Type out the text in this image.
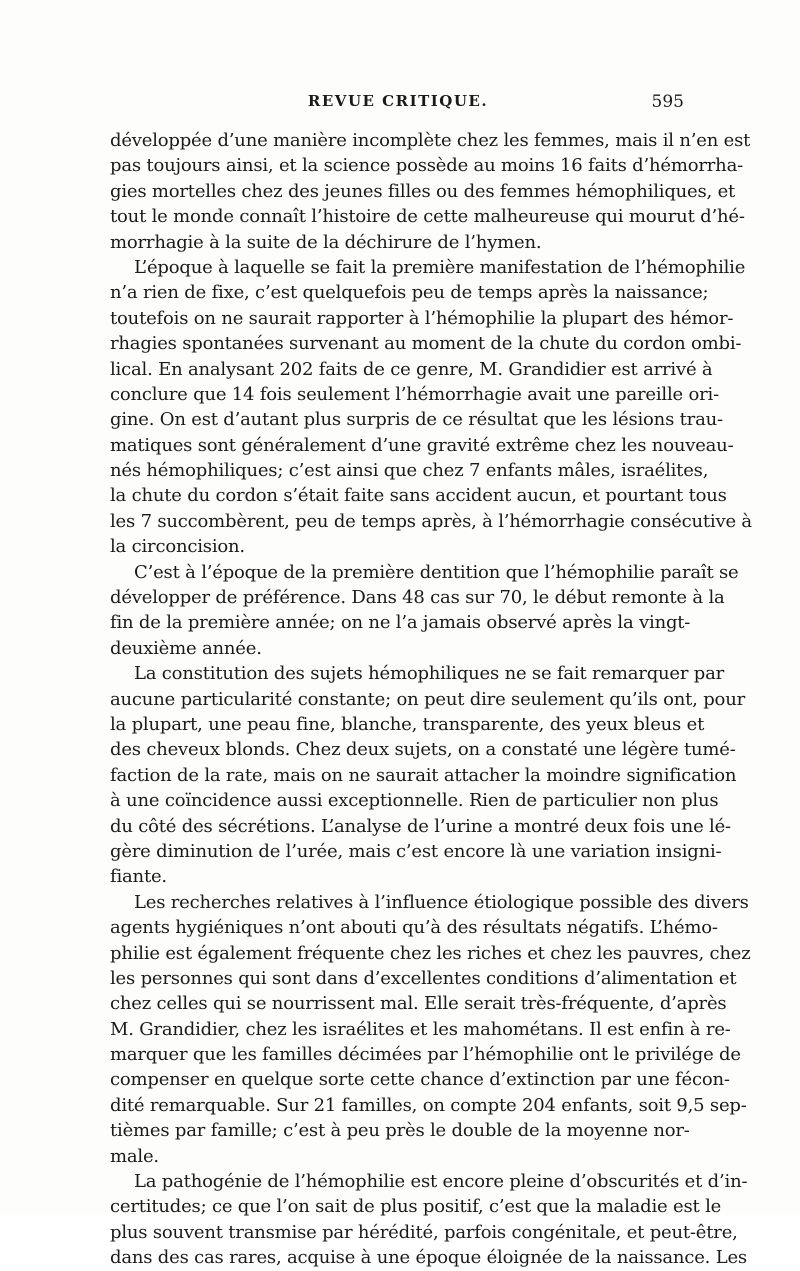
REVUE CRITIQUE.	595

développée d’une manière incomplète chez les femmes, mais il n’en est
pas toujours ainsi, et la science possède au moins 16 faits d’hémorrha-
gies mortelles chez des jeunes filles ou des femmes hémophiliques, et
tout le monde connaît l’histoire de cette malheureuse qui mourut d’hé-
morrhagie à la suite de la déchirure de l’hymen.

L’époque à laquelle se fait la première manifestation de l’hémophilie
n’a rien de fixe, c’est quelquefois peu de temps après la naissance;
toutefois on ne saurait rapporter à l’hémophilie la plupart des hémor-
rhagies spontanées survenant au moment de la chute du cordon ombi-
lical. En analysant 202 faits de ce genre, M. Grandidier est arrivé à
conclure que 14 fois seulement l’hémorrhagie avait une pareille ori-
gine. On est d’autant plus surpris de ce résultat que les lésions trau-
matiques sont généralement d’une gravité extrême chez les nouveau-
nés hémophiliques; c’est ainsi que chez 7 enfants mâles, israélites,
la chute du cordon s’était faite sans accident aucun, et pourtant tous
les 7 succombèrent, peu de temps après, à l’hémorrhagie consécutive à
la circoncision.

C’est à l’époque de la première dentition que l’hémophilie paraît se
développer de préférence. Dans 48 cas sur 70, le début remonte à la
fin de la première année; on ne l’a jamais observé après la vingt-
deuxième année.

La constitution des sujets hémophiliques ne se fait remarquer par
aucune particularité constante; on peut dire seulement qu’ils ont, pour
la plupart, une peau fine, blanche, transparente, des yeux bleus et
des cheveux blonds. Chez deux sujets, on a constaté une légère tumé-
faction de la rate, mais on ne saurait attacher la moindre signification
à une coïncidence aussi exceptionnelle. Rien de particulier non plus
du côté des sécrétions. L’analyse de l’urine a montré deux fois une lé-
gère diminution de l’urée, mais c’est encore là une variation insigni-
fiante.

Les recherches relatives à l’influence étiologique possible des divers
agents hygiéniques n’ont abouti qu’à des résultats négatifs. L’hémo-
philie est également fréquente chez les riches et chez les pauvres, chez
les personnes qui sont dans d’excellentes conditions d’alimentation et
chez celles qui se nourrissent mal. Elle serait très-fréquente, d’après
M. Grandidier, chez les israélites et les mahométans. Il est enfin à re-
marquer que les familles décimées par l’hémophilie ont le privilége de
compenser en quelque sorte cette chance d’extinction par une fécon-
dité remarquable. Sur 21 familles, on compte 204 enfants, soit 9,5 sep-
tièmes par famille; c’est à peu près le double de la moyenne nor-
male.

La pathogénie de l’hémophilie est encore pleine d’obscurités et d’in-
certitudes; ce que l’on sait de plus positif, c’est que la maladie est le
plus souvent transmise par hérédité, parfois congénitale, et peut-être,
dans des cas rares, acquise à une époque éloignée de la naissance. Les
